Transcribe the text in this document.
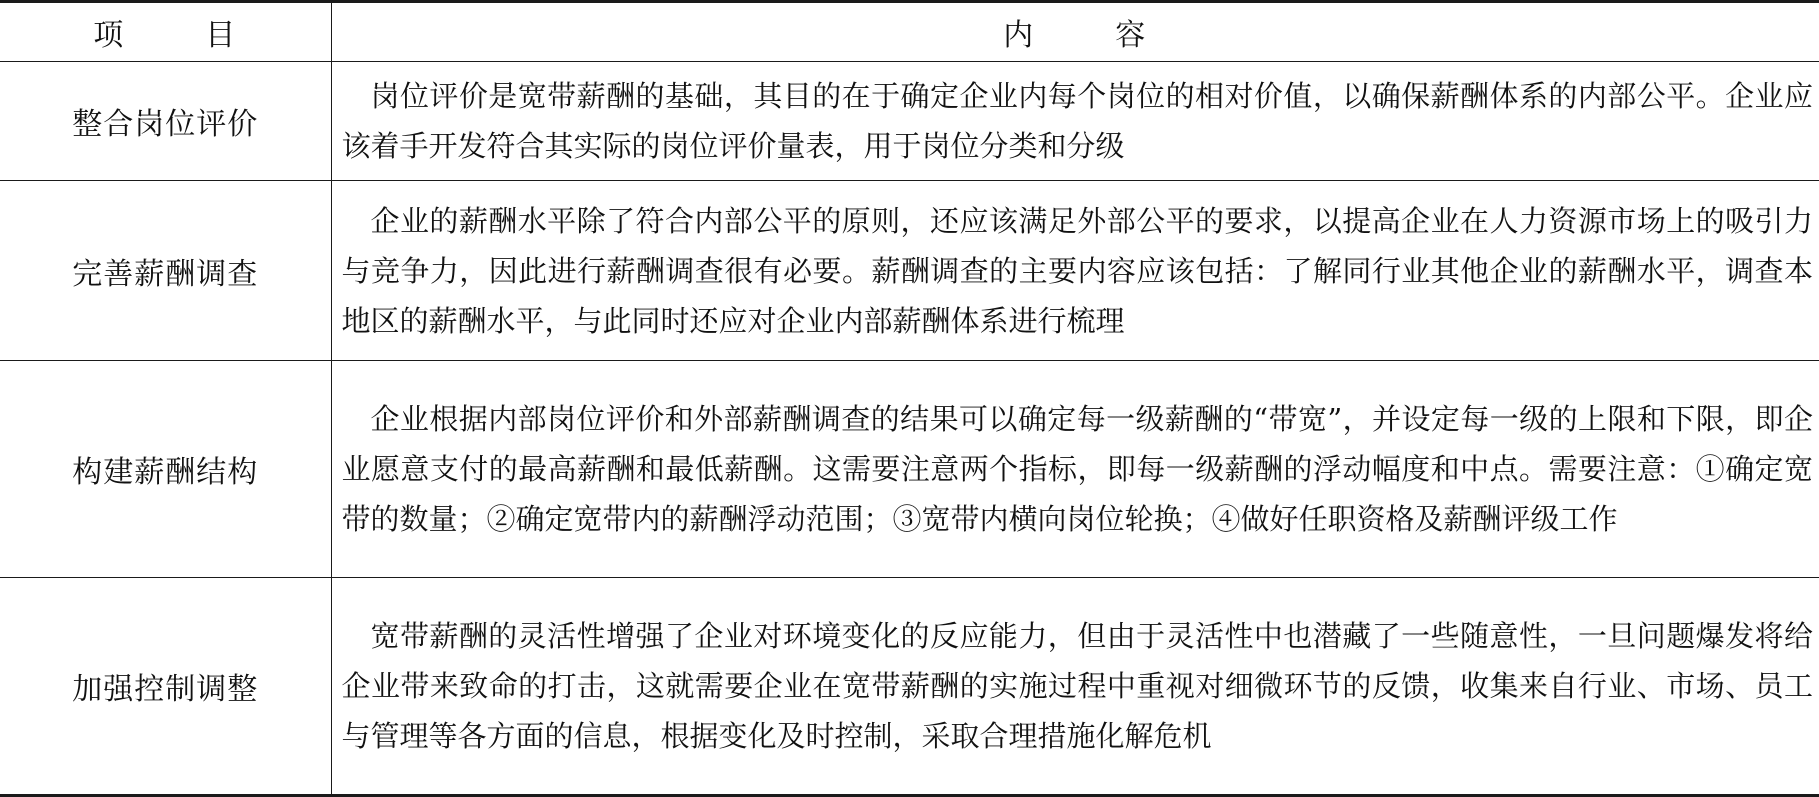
项 目	内 容
整合岗位评价	岗位评价是宽带薪酬的基础，其目的在于确定企业内每个岗位的相对价值，以确保薪酬体系的内部公平。企业应该着手开发符合其实际的岗位评价量表，用于岗位分类和分级
完善薪酬调查	企业的薪酬水平除了符合内部公平的原则，还应该满足外部公平的要求，以提高企业在人力资源市场上的吸引力与竞争力，因此进行薪酬调查很有必要。薪酬调查的主要内容应该包括：了解同行业其他企业的薪酬水平，调查本地区的薪酬水平，与此同时还应对企业内部薪酬体系进行梳理
构建薪酬结构	企业根据内部岗位评价和外部薪酬调查的结果可以确定每一级薪酬的“带宽”，并设定每一级的上限和下限，即企业愿意支付的最高薪酬和最低薪酬。这需要注意两个指标，即每一级薪酬的浮动幅度和中点。需要注意：①确定宽带的数量；②确定宽带内的薪酬浮动范围；③宽带内横向岗位轮换；④做好任职资格及薪酬评级工作
加强控制调整	宽带薪酬的灵活性增强了企业对环境变化的反应能力，但由于灵活性中也潜藏了一些随意性，一旦问题爆发将给企业带来致命的打击，这就需要企业在宽带薪酬的实施过程中重视对细微环节的反馈，收集来自行业、市场、员工与管理等各方面的信息，根据变化及时控制，采取合理措施化解危机
